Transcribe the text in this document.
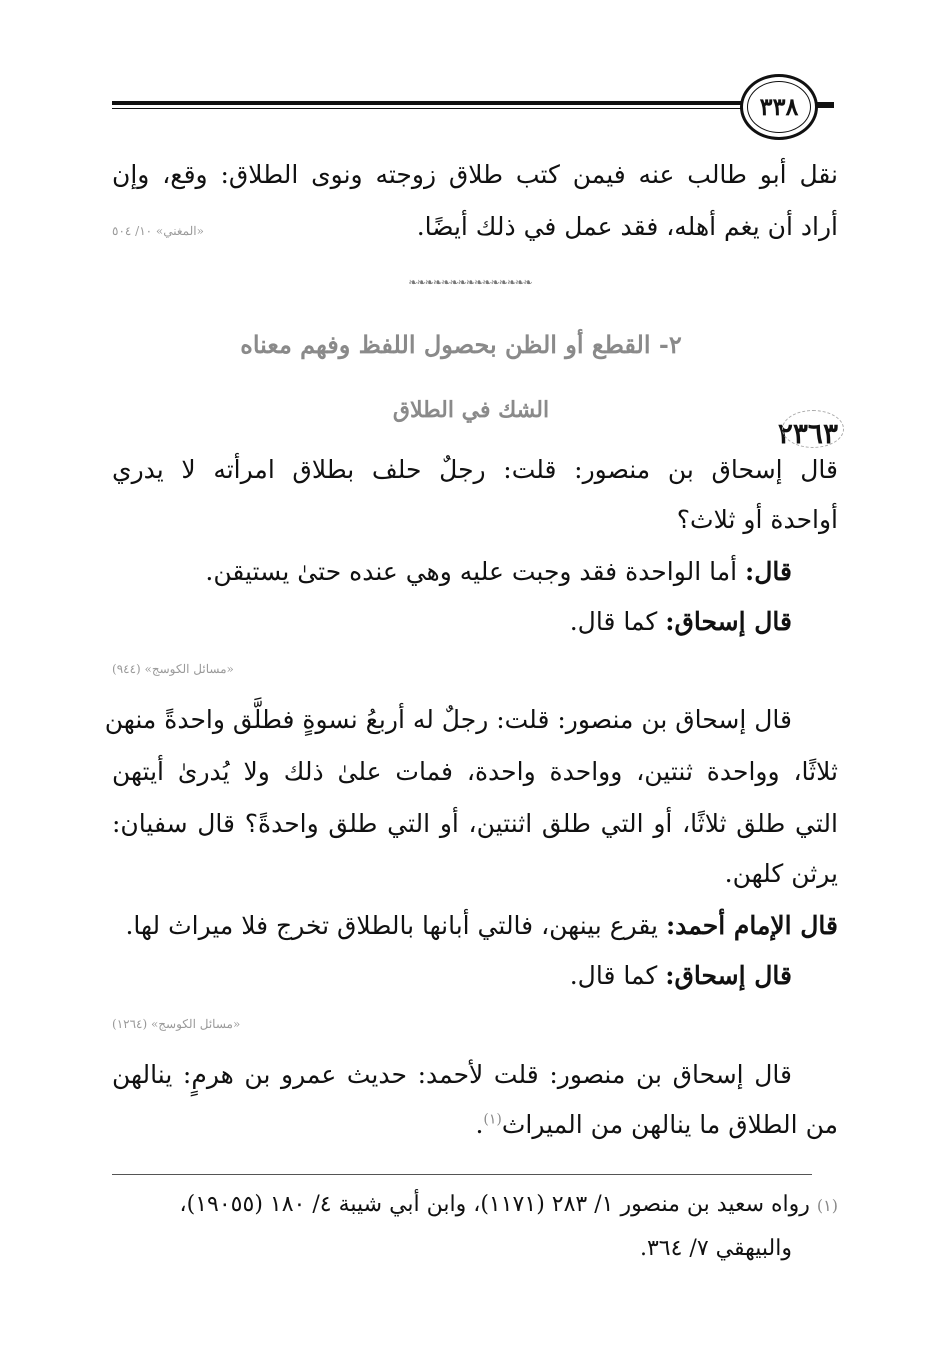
٣٣٨
نقل أبو طالب عنه فيمن كتب طلاق زوجته ونوى الطلاق: وقع، وإن
أراد أن يغم أهله، فقد عمل في ذلك أيضًا.
«المغني» ١٠/ ٥٠٤
❧❧❧❧❧❧❧❧❧❧❧❧❧❧❧
٢- القطع أو الظن بحصول اللفظ وفهم معناه
٢٣٦٣
الشك في الطلاق
قال إسحاق بن منصور: قلت: رجلٌ حلف بطلاق امرأته لا يدري
أواحدة أو ثلاث؟
قال: أما الواحدة فقد وجبت عليه وهي عنده حتىٰ يستيقن.
قال إسحاق: كما قال.
«مسائل الكوسج» (٩٤٤)
قال إسحاق بن منصور: قلت: رجلٌ له أربعُ نسوةٍ فطلَّق واحدةً منهن
ثلاثًا، وواحدة ثنتين، وواحدة واحدة، فمات علىٰ ذلك ولا يُدرىٰ أيتهن
التي طلق ثلاثًا، أو التي طلق اثنتين، أو التي طلق واحدةً؟ قال سفيان:
يرثن كلهن.
قال الإمام أحمد: يقرع بينهن، فالتي أبانها بالطلاق تخرج فلا ميراث لها.
قال إسحاق: كما قال.
«مسائل الكوسج» (١٢٦٤)
قال إسحاق بن منصور: قلت لأحمد: حديث عمرو بن هرمٍ: ينالهن
من الطلاق ما ينالهن من الميراث$^{(١)}$.
(١) رواه سعيد بن منصور ١/ ٢٨٣ (١١٧١)، وابن أبي شيبة ٤/ ١٨٠ (١٩٠٥٥)،
والبيهقي ٧/ ٣٦٤.
